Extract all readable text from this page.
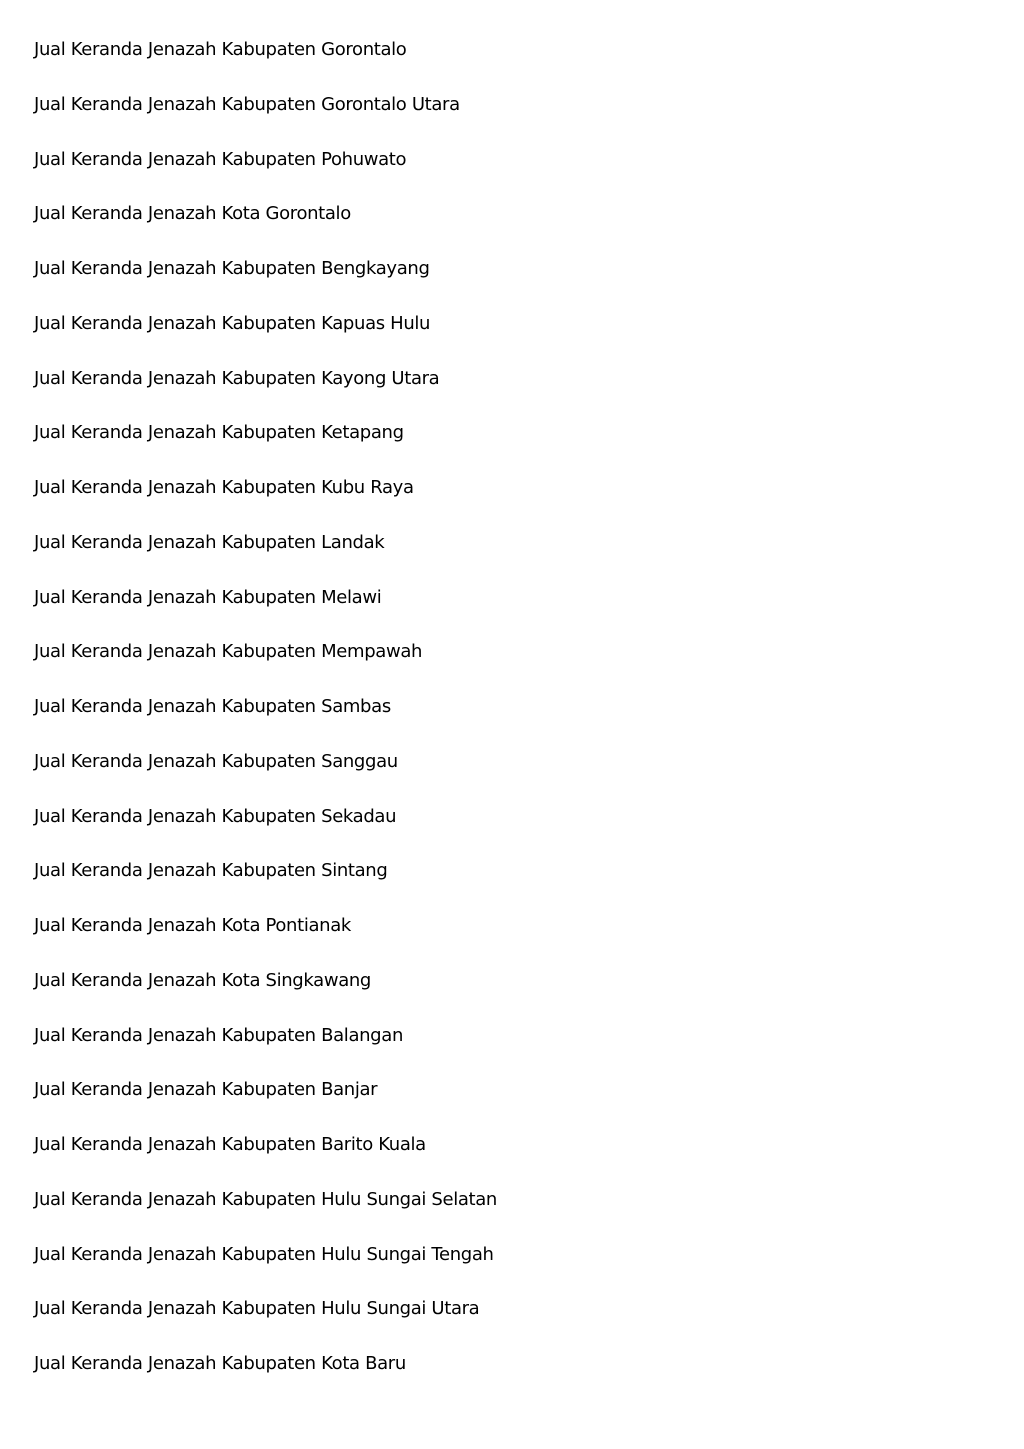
Jual Keranda Jenazah Kabupaten Gorontalo
Jual Keranda Jenazah Kabupaten Gorontalo Utara
Jual Keranda Jenazah Kabupaten Pohuwato
Jual Keranda Jenazah Kota Gorontalo
Jual Keranda Jenazah Kabupaten Bengkayang
Jual Keranda Jenazah Kabupaten Kapuas Hulu
Jual Keranda Jenazah Kabupaten Kayong Utara
Jual Keranda Jenazah Kabupaten Ketapang
Jual Keranda Jenazah Kabupaten Kubu Raya
Jual Keranda Jenazah Kabupaten Landak
Jual Keranda Jenazah Kabupaten Melawi
Jual Keranda Jenazah Kabupaten Mempawah
Jual Keranda Jenazah Kabupaten Sambas
Jual Keranda Jenazah Kabupaten Sanggau
Jual Keranda Jenazah Kabupaten Sekadau
Jual Keranda Jenazah Kabupaten Sintang
Jual Keranda Jenazah Kota Pontianak
Jual Keranda Jenazah Kota Singkawang
Jual Keranda Jenazah Kabupaten Balangan
Jual Keranda Jenazah Kabupaten Banjar
Jual Keranda Jenazah Kabupaten Barito Kuala
Jual Keranda Jenazah Kabupaten Hulu Sungai Selatan
Jual Keranda Jenazah Kabupaten Hulu Sungai Tengah
Jual Keranda Jenazah Kabupaten Hulu Sungai Utara
Jual Keranda Jenazah Kabupaten Kota Baru
